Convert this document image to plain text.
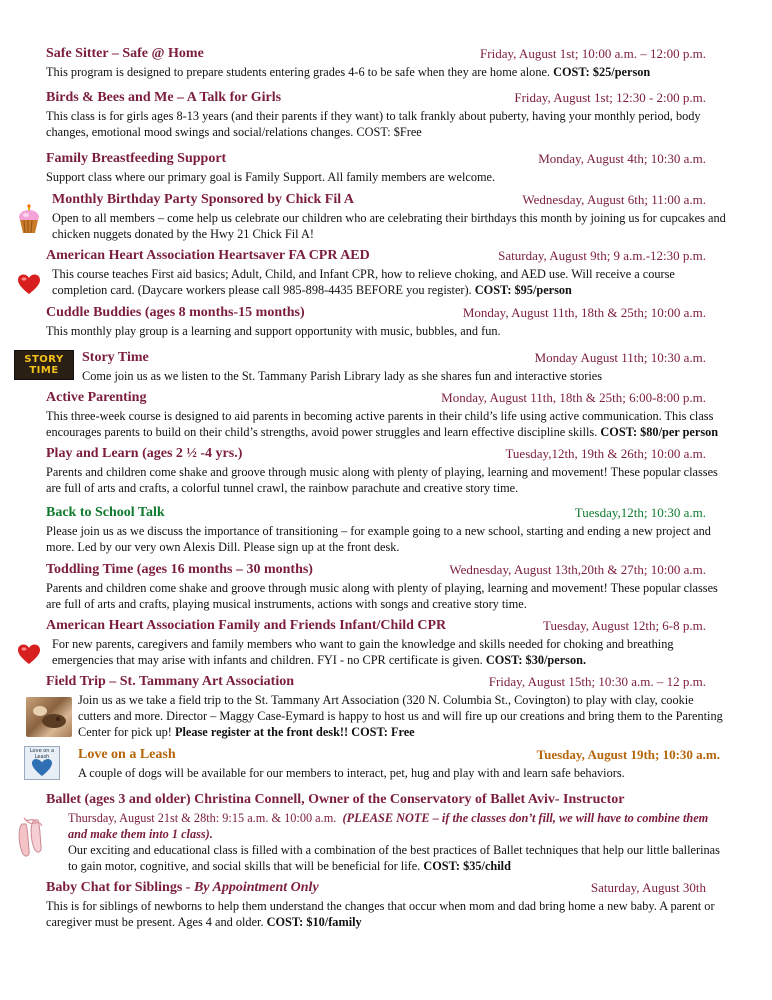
Safe Sitter – Safe @ Home	Friday, August 1st; 10:00 a.m. – 12:00 p.m.
This program is designed to prepare students entering grades 4-6 to be safe when they are home alone. COST: $25/person
Birds & Bees and Me – A Talk for Girls	Friday, August 1st; 12:30 - 2:00 p.m.
This class is for girls ages 8-13 years (and their parents if they want) to talk frankly about puberty, having your monthly period, body changes, emotional mood swings and social/relations changes. COST: $Free
Family Breastfeeding Support	Monday, August 4th; 10:30 a.m.
Support class where our primary goal is Family Support. All family members are welcome.
Monthly Birthday Party Sponsored by Chick Fil A	Wednesday, August 6th; 11:00 a.m.
Open to all members – come help us celebrate our children who are celebrating their birthdays this month by joining us for cupcakes and chicken nuggets donated by the Hwy 21 Chick Fil A!
American Heart Association Heartsaver FA CPR AED	Saturday, August 9th; 9 a.m.-12:30 p.m.
This course teaches First aid basics; Adult, Child, and Infant CPR, how to relieve choking, and AED use. Will receive a course completion card. (Daycare workers please call 985-898-4435 BEFORE you register). COST: $95/person
Cuddle Buddies (ages 8 months-15 months)	Monday, August 11th, 18th & 25th; 10:00 a.m.
This monthly play group is a learning and support opportunity with music, bubbles, and fun.
STORY TIME
Story Time	Monday August 11th; 10:30 a.m.
Come join us as we listen to the St. Tammany Parish Library lady as she shares fun and interactive stories
Active Parenting	Monday, August 11th, 18th & 25th; 6:00-8:00 p.m.
This three-week course is designed to aid parents in becoming active parents in their child’s life using active communication. This class encourages parents to build on their child’s strengths, avoid power struggles and learn effective discipline skills. COST: $80/per person
Play and Learn (ages 2 ½ -4 yrs.)	Tuesday,12th, 19th & 26th; 10:00 a.m.
Parents and children come shake and groove through music along with plenty of playing, learning and movement! These popular classes are full of arts and crafts, a colorful tunnel crawl, the rainbow parachute and creative story time.
Back to School Talk	Tuesday,12th; 10:30 a.m.
Please join us as we discuss the importance of transitioning – for example going to a new school, starting and ending a new project and more. Led by our very own Alexis Dill. Please sign up at the front desk.
Toddling Time (ages 16 months – 30 months)	Wednesday, August 13th,20th & 27th; 10:00 a.m.
Parents and children come shake and groove through music along with plenty of playing, learning and movement! These popular classes are full of arts and crafts, playing musical instruments, actions with songs and creative story time.
American Heart Association Family and Friends Infant/Child CPR	Tuesday, August 12th; 6-8 p.m.
For new parents, caregivers and family members who want to gain the knowledge and skills needed for choking and breathing emergencies that may arise with infants and children. FYI - no CPR certificate is given. COST: $30/person.
Field Trip – St. Tammany Art Association	Friday, August 15th; 10:30 a.m. – 12 p.m.
Join us as we take a field trip to the St. Tammany Art Association (320 N. Columbia St., Covington) to play with clay, cookie cutters and more. Director – Maggy Case-Eymard is happy to host us and will fire up our creations and bring them to the Parenting Center for pick up! Please register at the front desk!! COST: Free
Love on a Leash	Love on a Leash	Tuesday, August 19th; 10:30 a.m.
A couple of dogs will be available for our members to interact, pet, hug and play with and learn safe behaviors.
Ballet (ages 3 and older) Christina Connell, Owner of the Conservatory of Ballet Aviv- Instructor
Thursday, August 21st & 28th: 9:15 a.m. & 10:00 a.m. (PLEASE NOTE – if the classes don’t fill, we will have to combine them and make them into 1 class).
Our exciting and educational class is filled with a combination of the best practices of Ballet techniques that help our little ballerinas to gain motor, cognitive, and social skills that will be beneficial for life. COST: $35/child
Baby Chat for Siblings - By Appointment Only	Saturday, August 30th
This is for siblings of newborns to help them understand the changes that occur when mom and dad bring home a new baby. A parent or caregiver must be present. Ages 4 and older. COST: $10/family
